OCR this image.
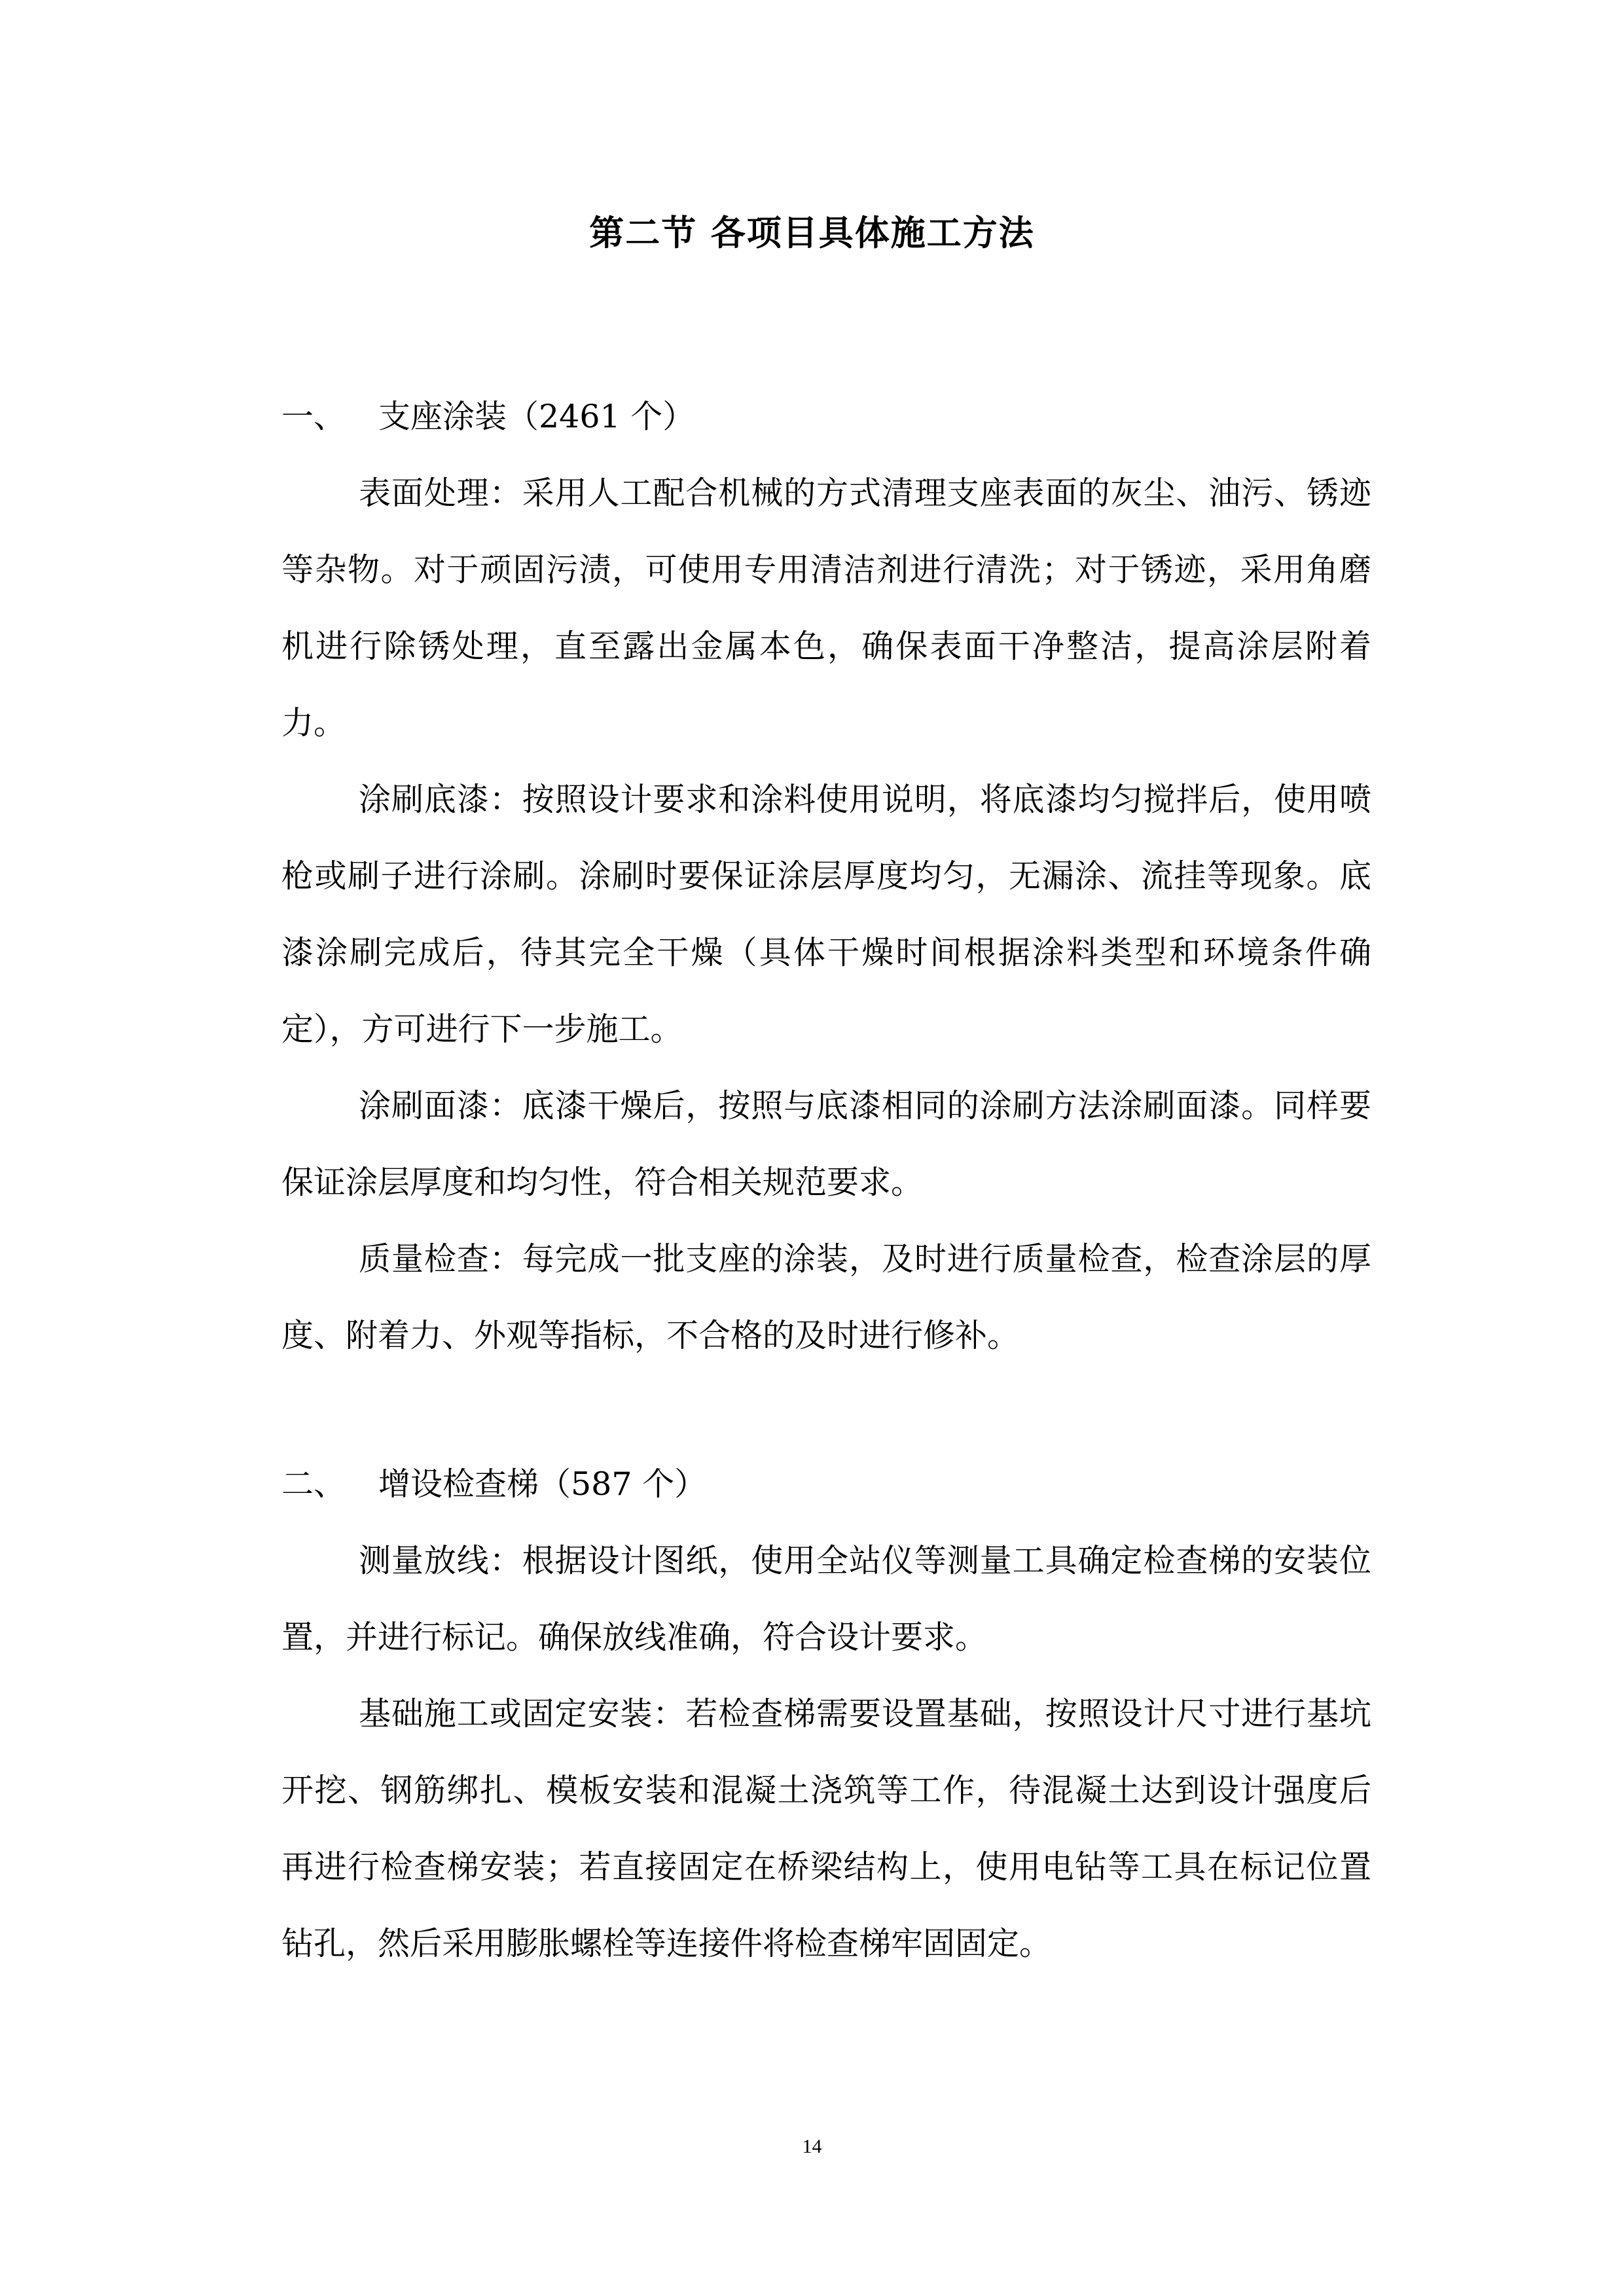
第二节 各项目具体施工方法
一、 支座涂装（2461 个）

表面处理：采用人工配合机械的方式清理支座表面的灰尘、油污、锈迹等杂物。对于顽固污渍，可使用专用清洁剂进行清洗；对于锈迹，采用角磨机进行除锈处理，直至露出金属本色，确保表面干净整洁，提高涂层附着力。

涂刷底漆：按照设计要求和涂料使用说明，将底漆均匀搅拌后，使用喷枪或刷子进行涂刷。涂刷时要保证涂层厚度均匀，无漏涂、流挂等现象。底漆涂刷完成后，待其完全干燥（具体干燥时间根据涂料类型和环境条件确定），方可进行下一步施工。

涂刷面漆：底漆干燥后，按照与底漆相同的涂刷方法涂刷面漆。同样要保证涂层厚度和均匀性，符合相关规范要求。

质量检查：每完成一批支座的涂装，及时进行质量检查，检查涂层的厚度、附着力、外观等指标，不合格的及时进行修补。

二、 增设检查梯（587 个）

测量放线：根据设计图纸，使用全站仪等测量工具确定检查梯的安装位置，并进行标记。确保放线准确，符合设计要求。

基础施工或固定安装：若检查梯需要设置基础，按照设计尺寸进行基坑开挖、钢筋绑扎、模板安装和混凝土浇筑等工作，待混凝土达到设计强度后再进行检查梯安装；若直接固定在桥梁结构上，使用电钻等工具在标记位置钻孔，然后采用膨胀螺栓等连接件将检查梯牢固固定。

14
